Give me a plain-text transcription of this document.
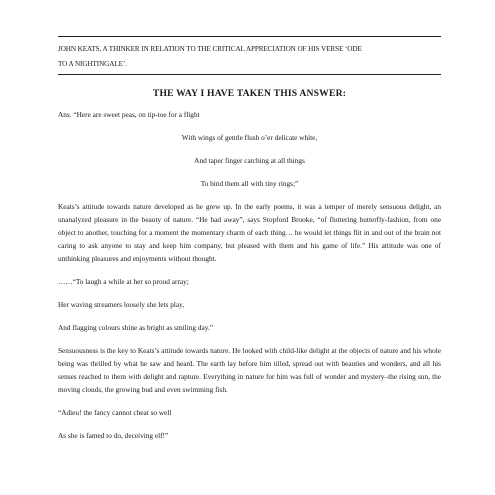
JOHN KEATS, A THINKER IN RELATION TO THE CRITICAL APPRECIATION OF HIS VERSE ‘ODE
TO A NIGHTINGALE’.
THE WAY I HAVE TAKEN THIS ANSWER:
Ans. “Here are sweet peas, on tip-toe for a flight
With wings of gentle flush o’er delicate white,
And taper finger catching at all things
To bind them all with tiny rings;”
Keats’s attitude towards nature developed as he grew up. In the early poems, it was a temper of merely sensuous delight, an unanalyzed pleasure in the beauty of nature. “He had away”, says Stopford Brooke, “of fluttering butterfly-fashion, from one object to another, touching for a moment the momentary charm of each thing… he would let things flit in and out of the brain not caring to ask anyone to stay and keep him company, but pleased with them and his game of life.” His attitude was one of unthinking pleasures and enjoyments without thought.
……“To laugh a while at her so proud array;
Her waving streamers loosely she lets play,
And flagging colours shine as bright as smiling day.”
Sensuousness is the key to Keats’s attitude towards nature. He looked with child-like delight at the objects of nature and his whole being was thrilled by what he saw and heard. The earth lay before him tilled, spread out with beauties and wonders, and all his senses reached to them with delight and rapture. Everything in nature for him was full of wonder and mystery–the rising sun, the moving clouds, the growing bud and even swimming fish.
“Adieu! the fancy cannot cheat so well
As she is famed to do, deceiving elf!”
